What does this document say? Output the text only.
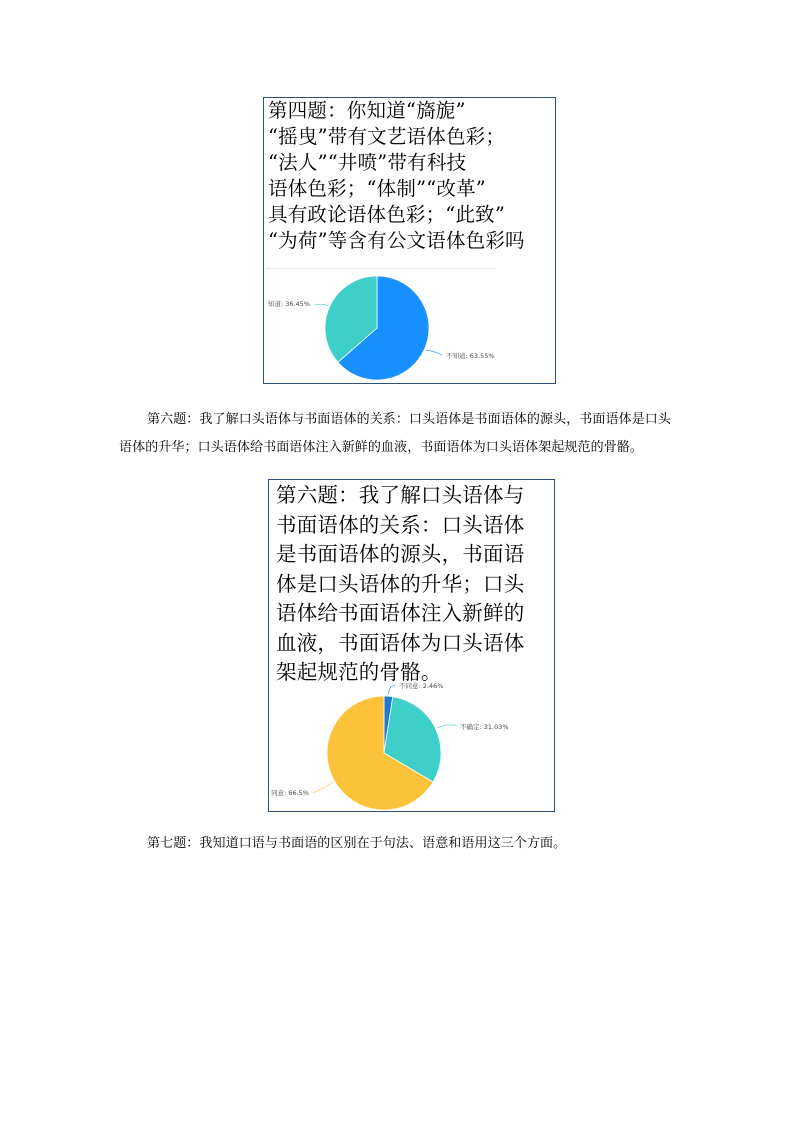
第四题：你知道“旖旎”
“摇曳”带有文艺语体色彩；
“法人”“井喷”带有科技
语体色彩；“体制”“改革”
具有政论语体色彩；“此致”
“为荷”等含有公文语体色彩吗
不知道: 63.55%
知道: 36.45%

第六题：我了解口头语体与书面语体的关系：口头语体是书面语体的源头，书面语体是口头语体的升华；口头语体给书面语体注入新鲜的血液，书面语体为口头语体架起规范的骨骼。

第六题：我了解口头语体与
书面语体的关系：口头语体
是书面语体的源头，书面语
体是口头语体的升华；口头
语体给书面语体注入新鲜的
血液，书面语体为口头语体
架起规范的骨骼。
不同意: 2.46%
不确定: 31.03%
同意: 66.5%

第七题：我知道口语与书面语的区别在于句法、语意和语用这三个方面。
